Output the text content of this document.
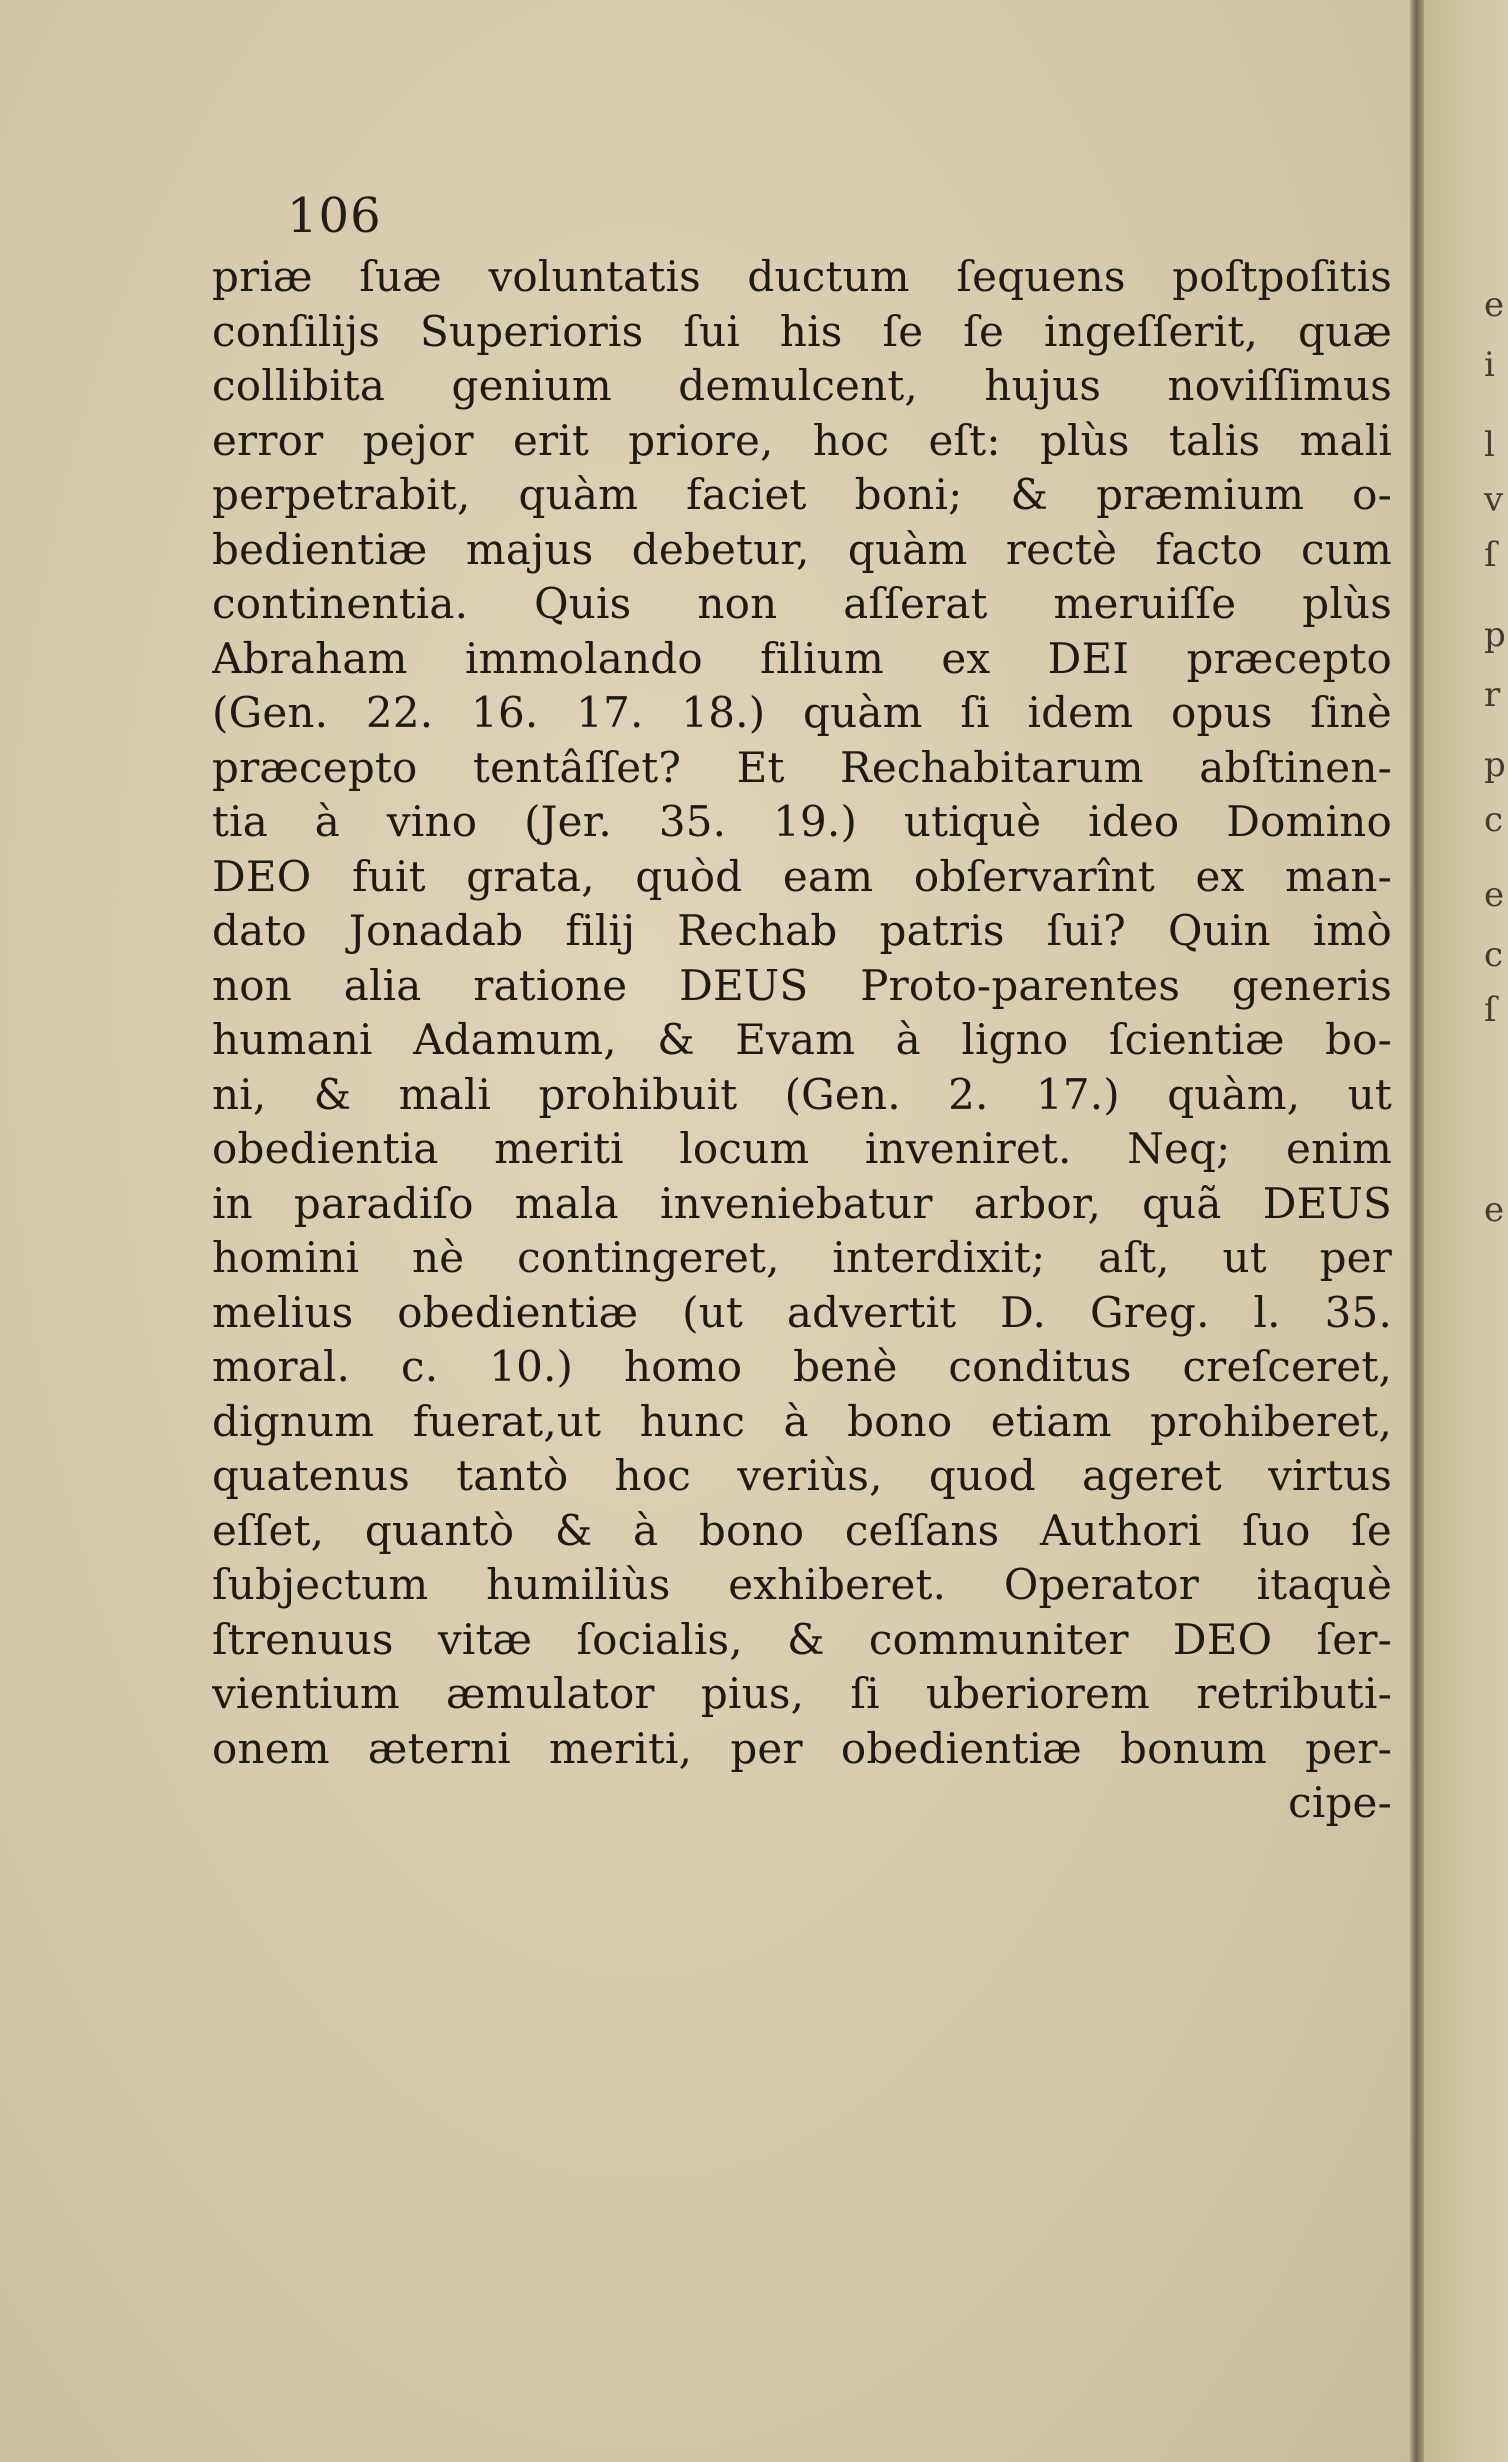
106
priæ ſuæ voluntatis ductum ſequens poſtpoſitis
conſilijs Superioris ſui his ſe ſe ingeſſerit, quæ
collibita genium demulcent, hujus noviſſimus
error pejor erit priore, hoc eſt: plùs talis mali
perpetrabit, quàm faciet boni; & præmium o-
bedientiæ majus debetur, quàm rectè facto cum
continentia. Quis non aſſerat meruiſſe plùs
Abraham immolando filium ex DEI præcepto
(Gen. 22. 16. 17. 18.) quàm ſi idem opus ſinè
præcepto tentâſſet? Et Rechabitarum abſtinen-
tia à vino (Jer. 35. 19.) utiquè ideo Domino
DEO fuit grata, quòd eam obſervarînt ex man-
dato Jonadab filij Rechab patris ſui? Quin imò
non alia ratione DEUS Proto-parentes generis
humani Adamum, & Evam à ligno ſcientiæ bo-
ni, & mali prohibuit (Gen. 2. 17.) quàm, ut
obedientia meriti locum inveniret. Neq; enim
in paradiſo mala inveniebatur arbor, quã DEUS
homini nè contingeret, interdixit; aſt, ut per
melius obedientiæ (ut advertit D. Greg. l. 35.
moral. c. 10.) homo benè conditus creſceret,
dignum fuerat,ut hunc à bono etiam prohiberet,
quatenus tantò hoc veriùs, quod ageret virtus
eſſet, quantò & à bono ceſſans Authori ſuo ſe
ſubjectum humiliùs exhiberet. Operator itaquè
ſtrenuus vitæ ſocialis, & communiter DEO ſer-
vientium æmulator pius, ſi uberiorem retributi-
onem æterni meriti, per obedientiæ bonum per-
cipe-
e
i
l
v
ſ
p
r
p
c
e
c
ſ
e
